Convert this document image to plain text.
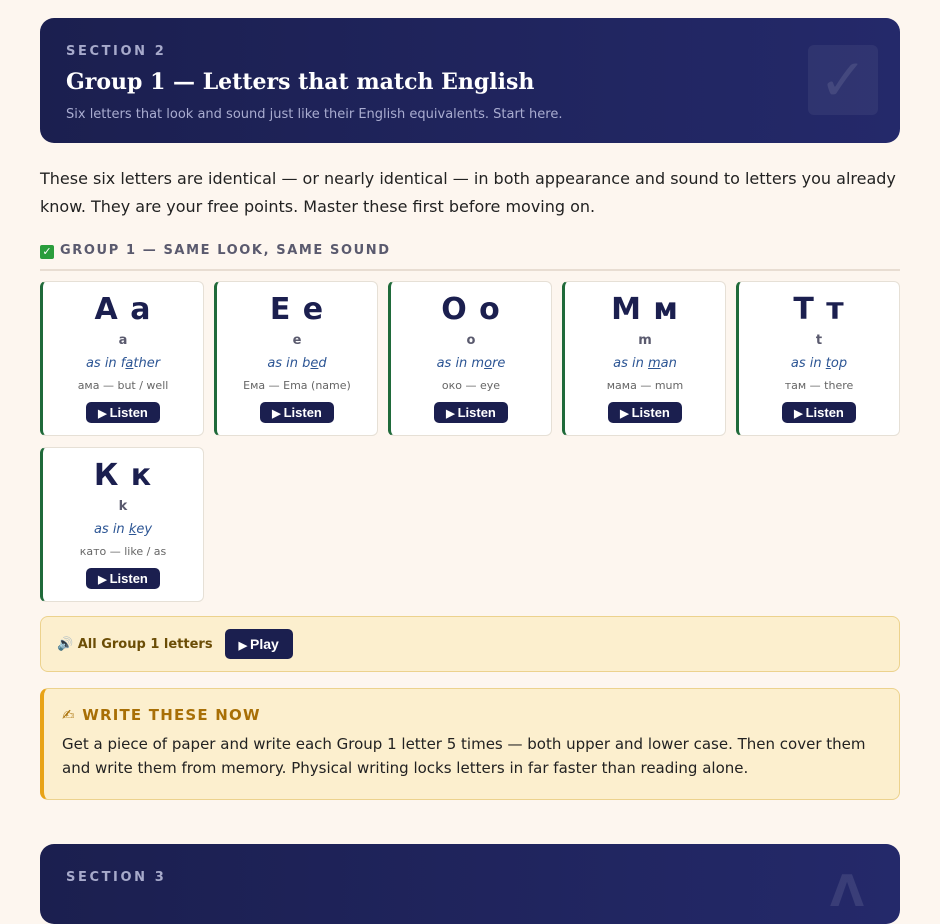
SECTION 2
Group 1 — Letters that match English
Six letters that look and sound just like their English equivalents. Start here.
✓
These six letters are identical — or nearly identical — in both appearance and sound to letters you already know. They are your free points. Master these first before moving on.
✓ GROUP 1 — SAME LOOK, SAME SOUND
А а
a
as in father
ама — but / well
▶ Listen
Е е
e
as in bed
Ема — Ema (name)
▶ Listen
О о
o
as in more
око — eye
▶ Listen
М м
m
as in man
мама — mum
▶ Listen
Т т
t
as in top
там — there
▶ Listen
К к
k
as in key
като — like / as
▶ Listen
🔊 All Group 1 letters	▶ Play
✍ WRITE THESE NOW
Get a piece of paper and write each Group 1 letter 5 times — both upper and lower case. Then cover them and write them from memory. Physical writing locks letters in far faster than reading alone.
SECTION 3	Λ
